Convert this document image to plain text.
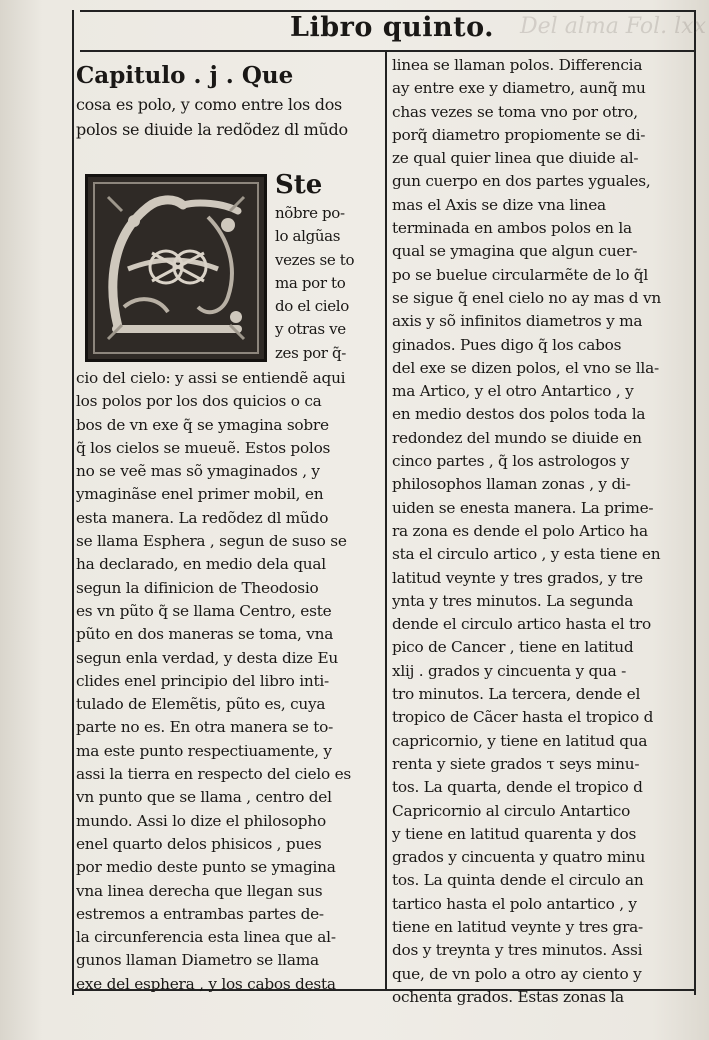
Del alma Fol. lxx
Libro quinto.
Capitulo . j . Que
cosa es polo, y como entre los dos
polos se diuide la redõdez dl mũdo
Ste
nõbre po-
lo algũas
vezes se to
ma por to
do el cielo
y otras ve
zes por q̃-
cio del cielo: y assi se entiendẽ aqui
los polos por los dos quicios o ca
bos de vn exe q̃ se ymagina sobre
q̃ los cielos se mueuẽ. Estos polos
no se veẽ mas sõ ymaginados , y
ymaginãse enel primer mobil, en
esta manera. La redõdez dl mũdo
se llama Esphera , segun de suso se
ha declarado, en medio dela qual
segun la difinicion de Theodosio
es vn pũto q̃ se llama Centro, este
pũto en dos maneras se toma, vna
segun enla verdad, y desta dize Eu
clides enel principio del libro inti-
tulado de Elemẽtis, pũto es, cuya
parte no es. En otra manera se to-
ma este punto respectiuamente, y
assi la tierra en respecto del cielo es
vn punto que se llama , centro del
mundo. Assi lo dize el philosopho
enel quarto delos phisicos , pues
por medio deste punto se ymagina
vna linea derecha que llegan sus
estremos a entrambas partes de-
la circunferencia esta linea que al-
gunos llaman Diametro se llama
exe del esphera , y los cabos desta
linea se llaman polos. Differencia
ay entre exe y diametro, aunq̃ mu
chas vezes se toma vno por otro,
porq̃ diametro propiomente se di-
ze qual quier linea que diuide al-
gun cuerpo en dos partes yguales,
mas el Axis se dize vna linea
terminada en ambos polos en la
qual se ymagina que algun cuer-
po se buelue circularmẽte de lo q̃l
se sigue q̃ enel cielo no ay mas d vn
axis y sõ infinitos diametros y ma
ginados. Pues digo q̃ los cabos
del exe se dizen polos, el vno se lla-
ma Artico, y el otro Antartico , y
en medio destos dos polos toda la
redondez del mundo se diuide en
cinco partes , q̃ los astrologos y
philosophos llaman zonas , y di-
uiden se enesta manera. La prime-
ra zona es dende el polo Artico ha
sta el circulo artico , y esta tiene en
latitud veynte y tres grados, y tre
ynta y tres minutos. La segunda
dende el circulo artico hasta el tro
pico de Cancer , tiene en latitud
xlij . grados y cincuenta y qua -
tro minutos. La tercera, dende el
tropico de Cãcer hasta el tropico d
capricornio, y tiene en latitud qua
renta y siete grados τ seys minu-
tos. La quarta, dende el tropico d
Capricornio al circulo Antartico
y tiene en latitud quarenta y dos
grados y cincuenta y quatro minu
tos. La quinta dende el circulo an
tartico hasta el polo antartico , y
tiene en latitud veynte y tres gra-
dos y treynta y tres minutos. Assi
que, de vn polo a otro ay ciento y
ochenta grados. Estas zonas la
